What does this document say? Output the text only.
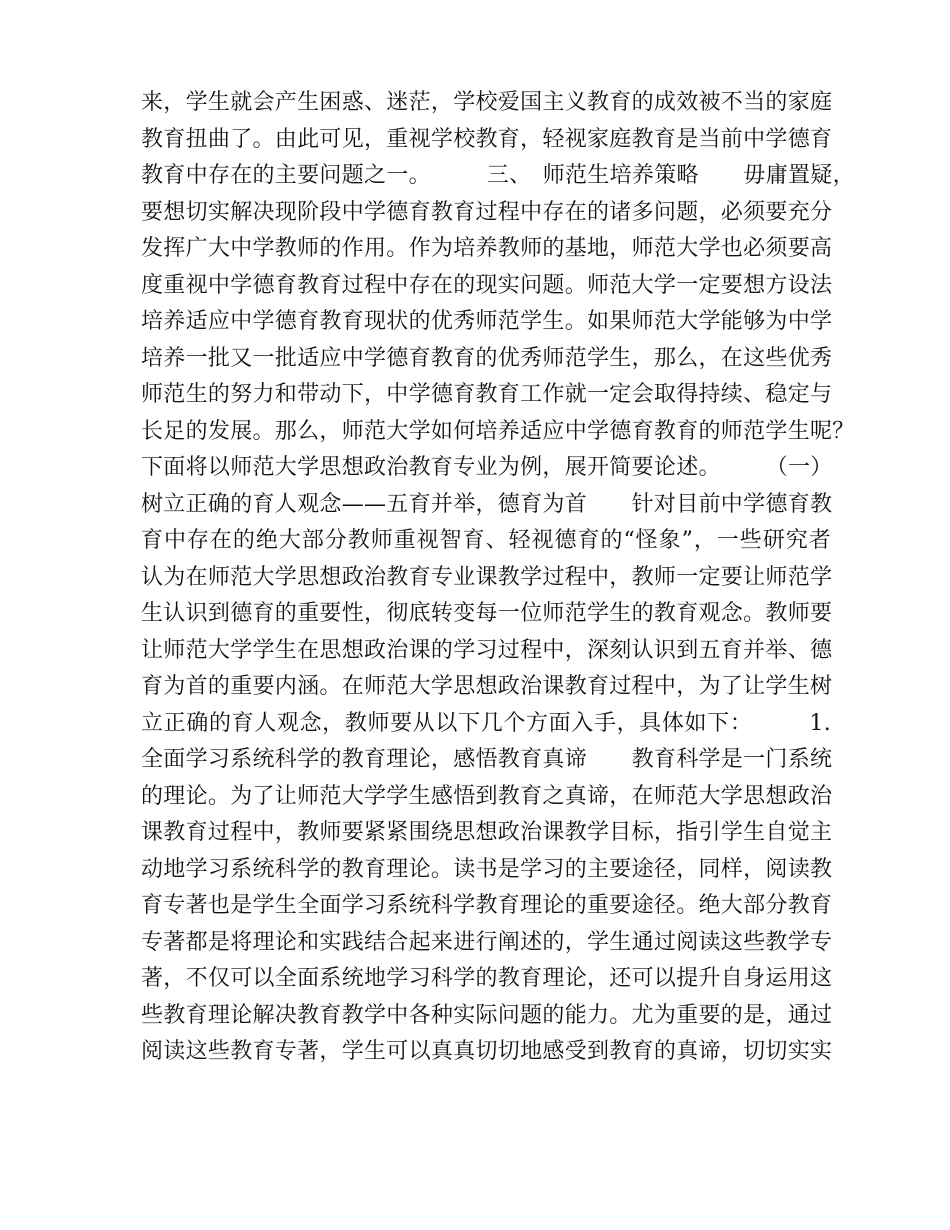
来，学生就会产生困惑、迷茫，学校爱国主义教育的成效被不当的家庭
教育扭曲了。由此可见，重视学校教育，轻视家庭教育是当前中学德育
教育中存在的主要问题之一。　　　三、　师范生培养策略　　毋庸置疑，
要想切实解决现阶段中学德育教育过程中存在的诸多问题，必须要充分
发挥广大中学教师的作用。作为培养教师的基地，师范大学也必须要高
度重视中学德育教育过程中存在的现实问题。师范大学一定要想方设法
培养适应中学德育教育现状的优秀师范学生。如果师范大学能够为中学
培养一批又一批适应中学德育教育的优秀师范学生，那么，在这些优秀
师范生的努力和带动下，中学德育教育工作就一定会取得持续、稳定与
长足的发展。那么，师范大学如何培养适应中学德育教育的师范学生呢？
下面将以师范大学思想政治教育专业为例，展开简要论述。　　　（一）
树立正确的育人观念——五育并举，德育为首　　针对目前中学德育教
育中存在的绝大部分教师重视智育、轻视德育的“怪象”，一些研究者
认为在师范大学思想政治教育专业课教学过程中，教师一定要让师范学
生认识到德育的重要性，彻底转变每一位师范学生的教育观念。教师要
让师范大学学生在思想政治课的学习过程中，深刻认识到五育并举、德
育为首的重要内涵。在师范大学思想政治课教育过程中，为了让学生树
立正确的育人观念，教师要从以下几个方面入手，具体如下：　　　1.
全面学习系统科学的教育理论，感悟教育真谛　　教育科学是一门系统
的理论。为了让师范大学学生感悟到教育之真谛，在师范大学思想政治
课教育过程中，教师要紧紧围绕思想政治课教学目标，指引学生自觉主
动地学习系统科学的教育理论。读书是学习的主要途径，同样，阅读教
育专著也是学生全面学习系统科学教育理论的重要途径。绝大部分教育
专著都是将理论和实践结合起来进行阐述的，学生通过阅读这些教学专
著，不仅可以全面系统地学习科学的教育理论，还可以提升自身运用这
些教育理论解决教育教学中各种实际问题的能力。尤为重要的是，通过
阅读这些教育专著，学生可以真真切切地感受到教育的真谛，切切实实
